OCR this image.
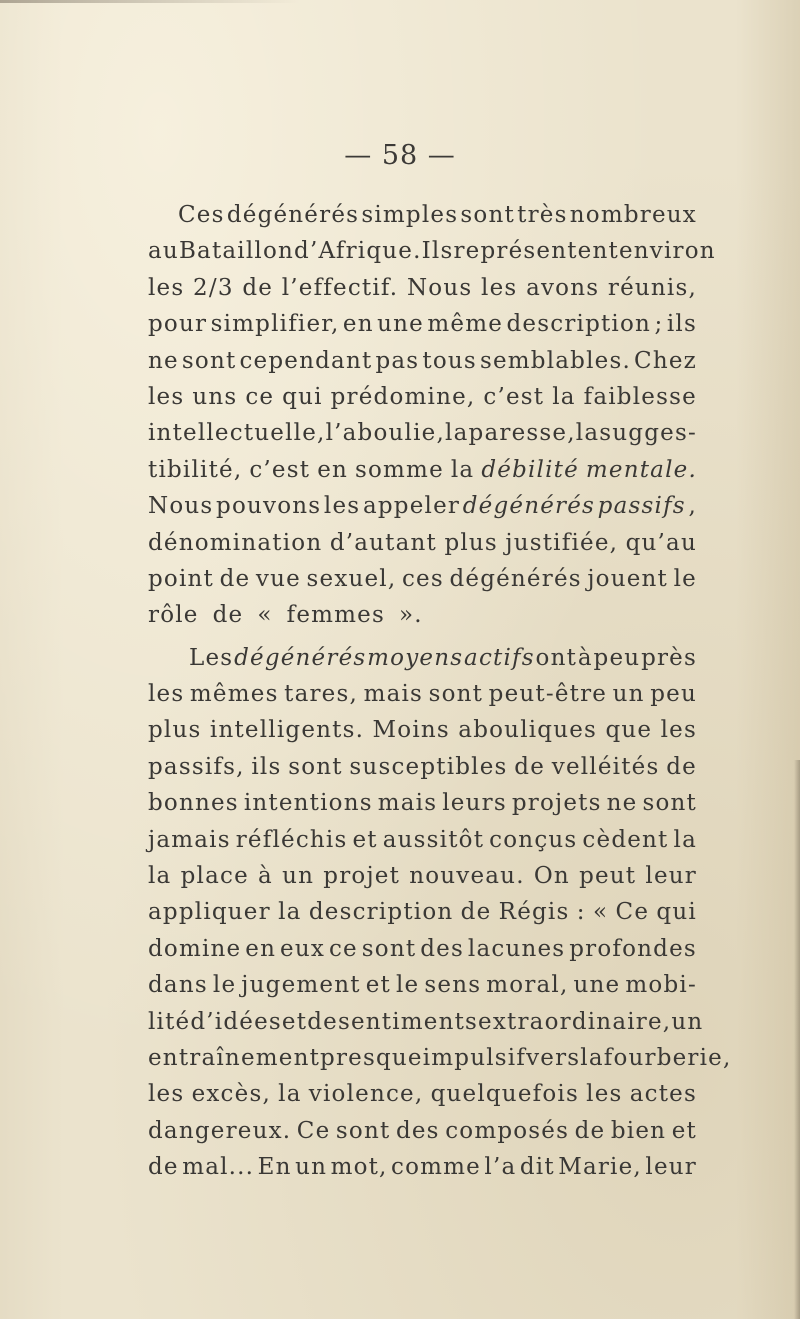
— 58 —
Ces dégénérés simples sont très nombreux
au Bataillon d’Afrique. Ils représentent environ
les 2/3 de l’effectif. Nous les avons réunis,
pour simplifier, en une même description ; ils
ne sont cependant pas tous semblables. Chez
les uns ce qui prédomine, c’est la faiblesse
intellectuelle, l’aboulie, la paresse, la sugges-
tibilité, c’est en somme la débilité mentale.
Nous pouvons les appeler dégénérés passifs ,
dénomination d’autant plus justifiée, qu’au
point de vue sexuel, ces dégénérés jouent le
rôle de « femmes ».
Les dégénérés moyens actifs ont à peu près
les mêmes tares, mais sont peut-être un peu
plus intelligents. Moins abouliques que les
passifs, ils sont susceptibles de velléités de
bonnes intentions mais leurs projets ne sont
jamais réfléchis et aussitôt conçus cèdent la
la place à un projet nouveau. On peut leur
appliquer la description de Régis : « Ce qui
domine en eux ce sont des lacunes profondes
dans le jugement et le sens moral, une mobi-
lité d’idées et de sentiments extraordinaire, un
entraînement presque impulsif vers la fourberie,
les excès, la violence, quelquefois les actes
dangereux. Ce sont des composés de bien et
de mal... En un mot, comme l’a dit Marie, leur
